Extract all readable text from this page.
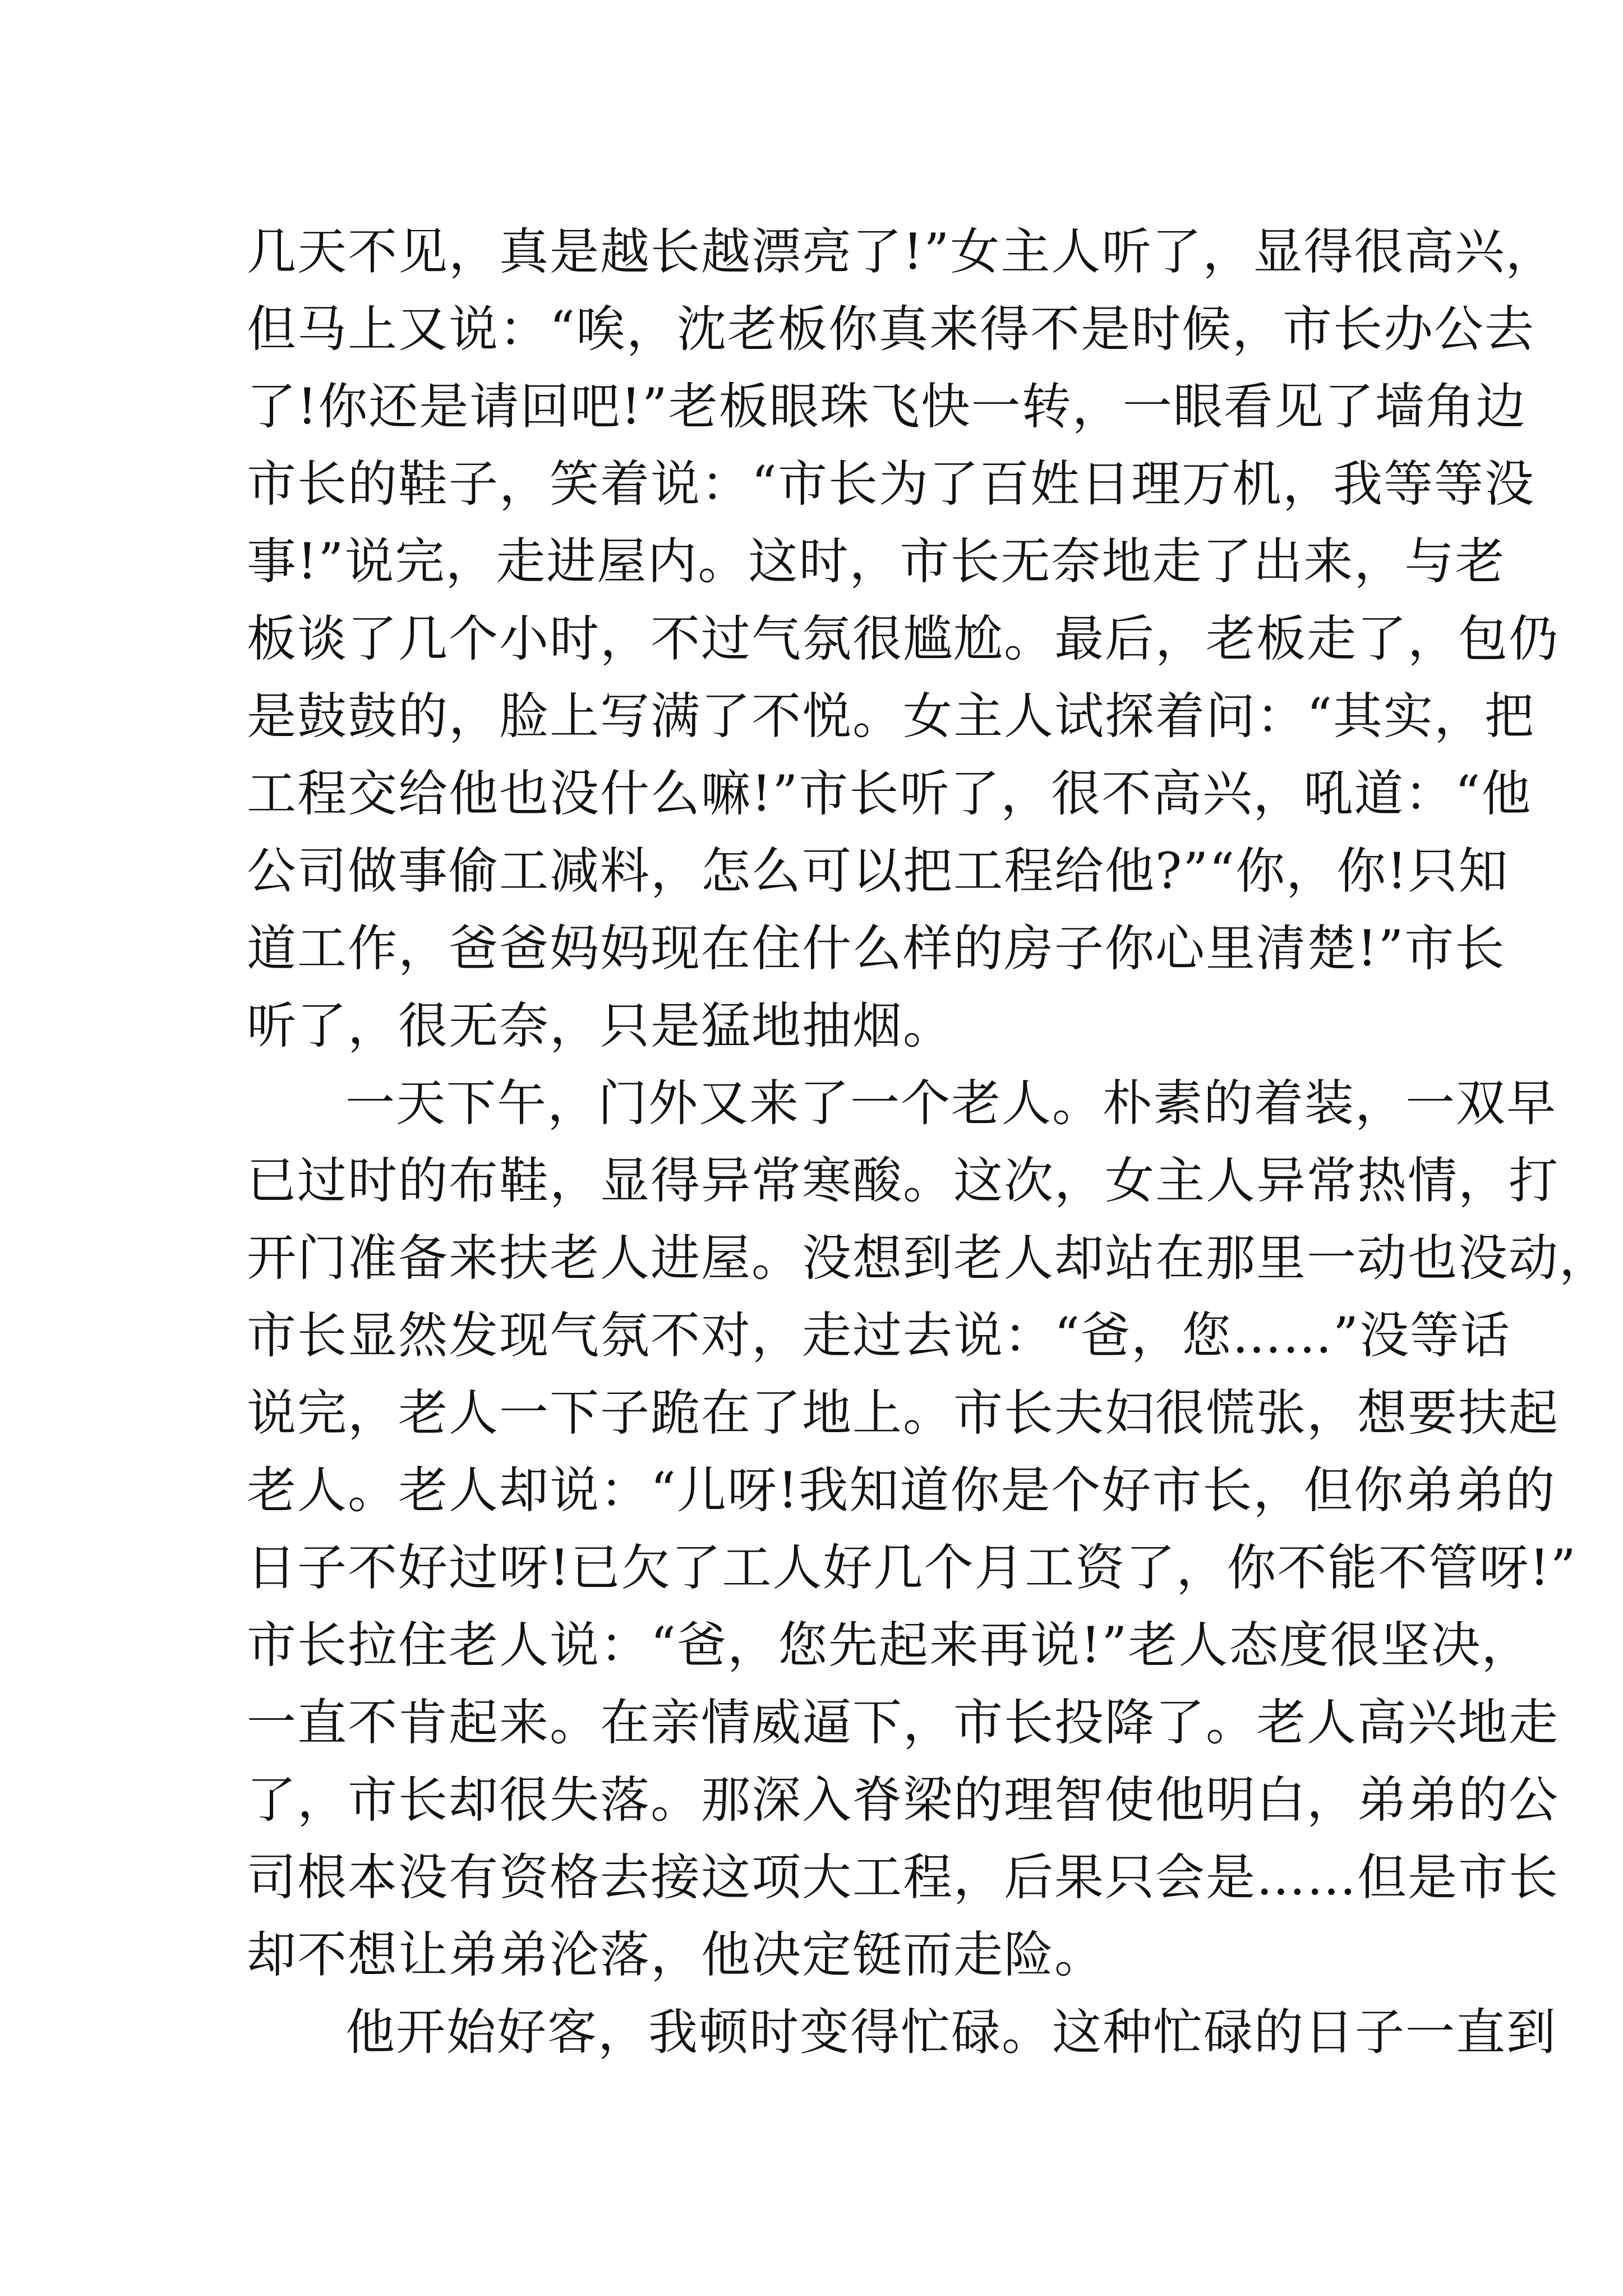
几天不见，真是越长越漂亮了!”女主人听了，显得很高兴，
但马上又说：“唉，沈老板你真来得不是时候，市长办公去
了!你还是请回吧!”老板眼珠飞快一转，一眼看见了墙角边
市长的鞋子，笑着说：“市长为了百姓日理万机，我等等没
事!”说完，走进屋内。这时，市长无奈地走了出来，与老
板谈了几个小时，不过气氛很尴尬。最后，老板走了，包仍
是鼓鼓的，脸上写满了不悦。女主人试探着问：“其实，把
工程交给他也没什么嘛!”市长听了，很不高兴，吼道：“他
公司做事偷工减料，怎么可以把工程给他?”“你，你!只知
道工作，爸爸妈妈现在住什么样的房子你心里清楚!”市长
听了，很无奈，只是猛地抽烟。
一天下午，门外又来了一个老人。朴素的着装，一双早
已过时的布鞋，显得异常寒酸。这次，女主人异常热情，打
开门准备来扶老人进屋。没想到老人却站在那里一动也没动，
市长显然发现气氛不对，走过去说：“爸，您……”没等话
说完，老人一下子跪在了地上。市长夫妇很慌张，想要扶起
老人。老人却说：“儿呀!我知道你是个好市长，但你弟弟的
日子不好过呀!已欠了工人好几个月工资了，你不能不管呀!”
市长拉住老人说：“爸，您先起来再说!”老人态度很坚决，
一直不肯起来。在亲情威逼下，市长投降了。老人高兴地走
了，市长却很失落。那深入脊梁的理智使他明白，弟弟的公
司根本没有资格去接这项大工程，后果只会是……但是市长
却不想让弟弟沦落，他决定铤而走险。
他开始好客，我顿时变得忙碌。这种忙碌的日子一直到
